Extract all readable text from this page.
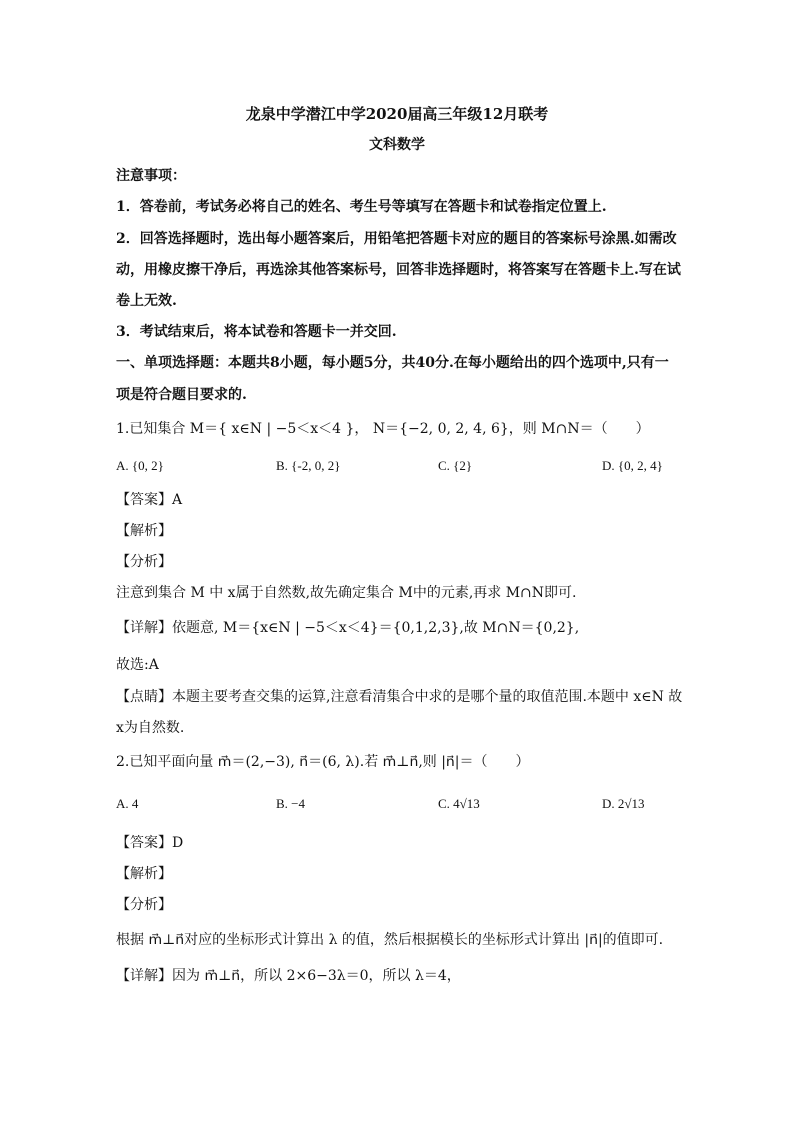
龙泉中学潜江中学2020届高三年级12月联考
文科数学
注意事项：
1．答卷前，考试务必将自己的姓名、考生号等填写在答题卡和试卷指定位置上.
2．回答选择题时，选出每小题答案后，用铅笔把答题卡对应的题目的答案标号涂黑.如需改
动，用橡皮擦干净后，再选涂其他答案标号，回答非选择题时，将答案写在答题卡上.写在试
卷上无效.
3．考试结束后，将本试卷和答题卡一并交回.
一、单项选择题：本题共8小题，每小题5分，共40分.在每小题给出的四个选项中,只有一
项是符合题目要求的.
1.已知集合 M＝{ x∈N | −5＜x＜4 }， N＝{−2, 0, 2, 4, 6}，则 M∩N＝（　　）
A. {0, 2}	B. {-2, 0, 2}	C. {2}	D. {0, 2, 4}
【答案】A
【解析】
【分析】
注意到集合 M 中 x属于自然数,故先确定集合 M中的元素,再求 M∩N即可.
【详解】依题意, M＝{x∈N | −5＜x＜4}＝{0,1,2,3},故 M∩N＝{0,2},
故选:A
【点睛】本题主要考查交集的运算,注意看清集合中求的是哪个量的取值范围.本题中 x∈N 故
x为自然数.
2.已知平面向量 m⃗＝(2,−3), n⃗＝(6, λ).若 m⃗⊥n⃗,则 |n⃗|＝（　　）
A. 4	B. −4	C. 4√13	D. 2√13
【答案】D
【解析】
【分析】
根据 m⃗⊥n⃗对应的坐标形式计算出 λ 的值，然后根据模长的坐标形式计算出 |n⃗|的值即可.
【详解】因为 m⃗⊥n⃗，所以 2×6−3λ＝0，所以 λ＝4，
